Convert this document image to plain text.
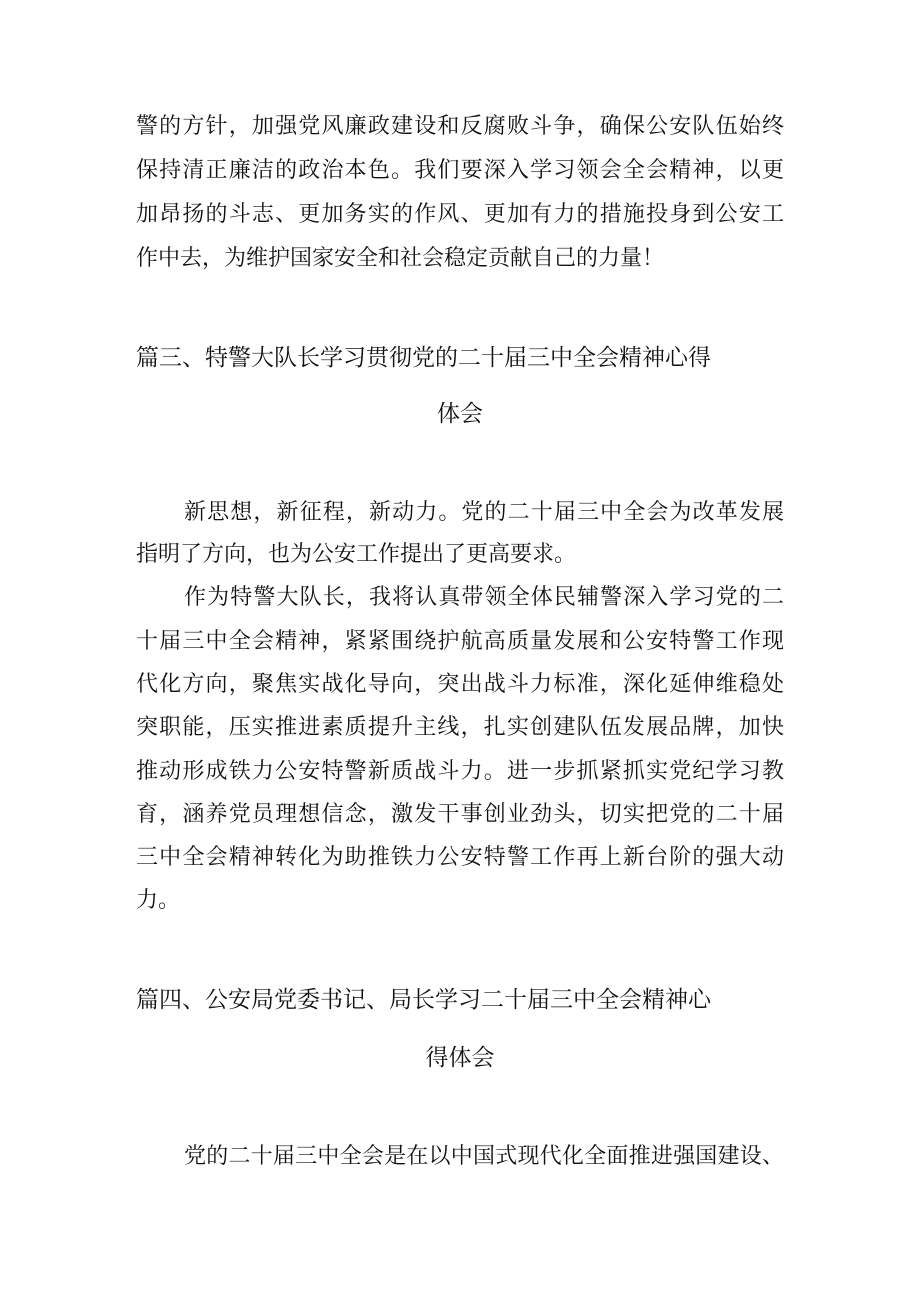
警的方针，加强党风廉政建设和反腐败斗争，确保公安队伍始终
保持清正廉洁的政治本色。我们要深入学习领会全会精神，以更
加昂扬的斗志、更加务实的作风、更加有力的措施投身到公安工
作中去，为维护国家安全和社会稳定贡献自己的力量！
篇三、特警大队长学习贯彻党的二十届三中全会精神心得
体会
新思想，新征程，新动力。党的二十届三中全会为改革发展
指明了方向，也为公安工作提出了更高要求。
作为特警大队长，我将认真带领全体民辅警深入学习党的二
十届三中全会精神，紧紧围绕护航高质量发展和公安特警工作现
代化方向，聚焦实战化导向，突出战斗力标准，深化延伸维稳处
突职能，压实推进素质提升主线，扎实创建队伍发展品牌，加快
推动形成铁力公安特警新质战斗力。进一步抓紧抓实党纪学习教
育，涵养党员理想信念，激发干事创业劲头，切实把党的二十届
三中全会精神转化为助推铁力公安特警工作再上新台阶的强大动
力。
篇四、公安局党委书记、局长学习二十届三中全会精神心
得体会
党的二十届三中全会是在以中国式现代化全面推进强国建设、
